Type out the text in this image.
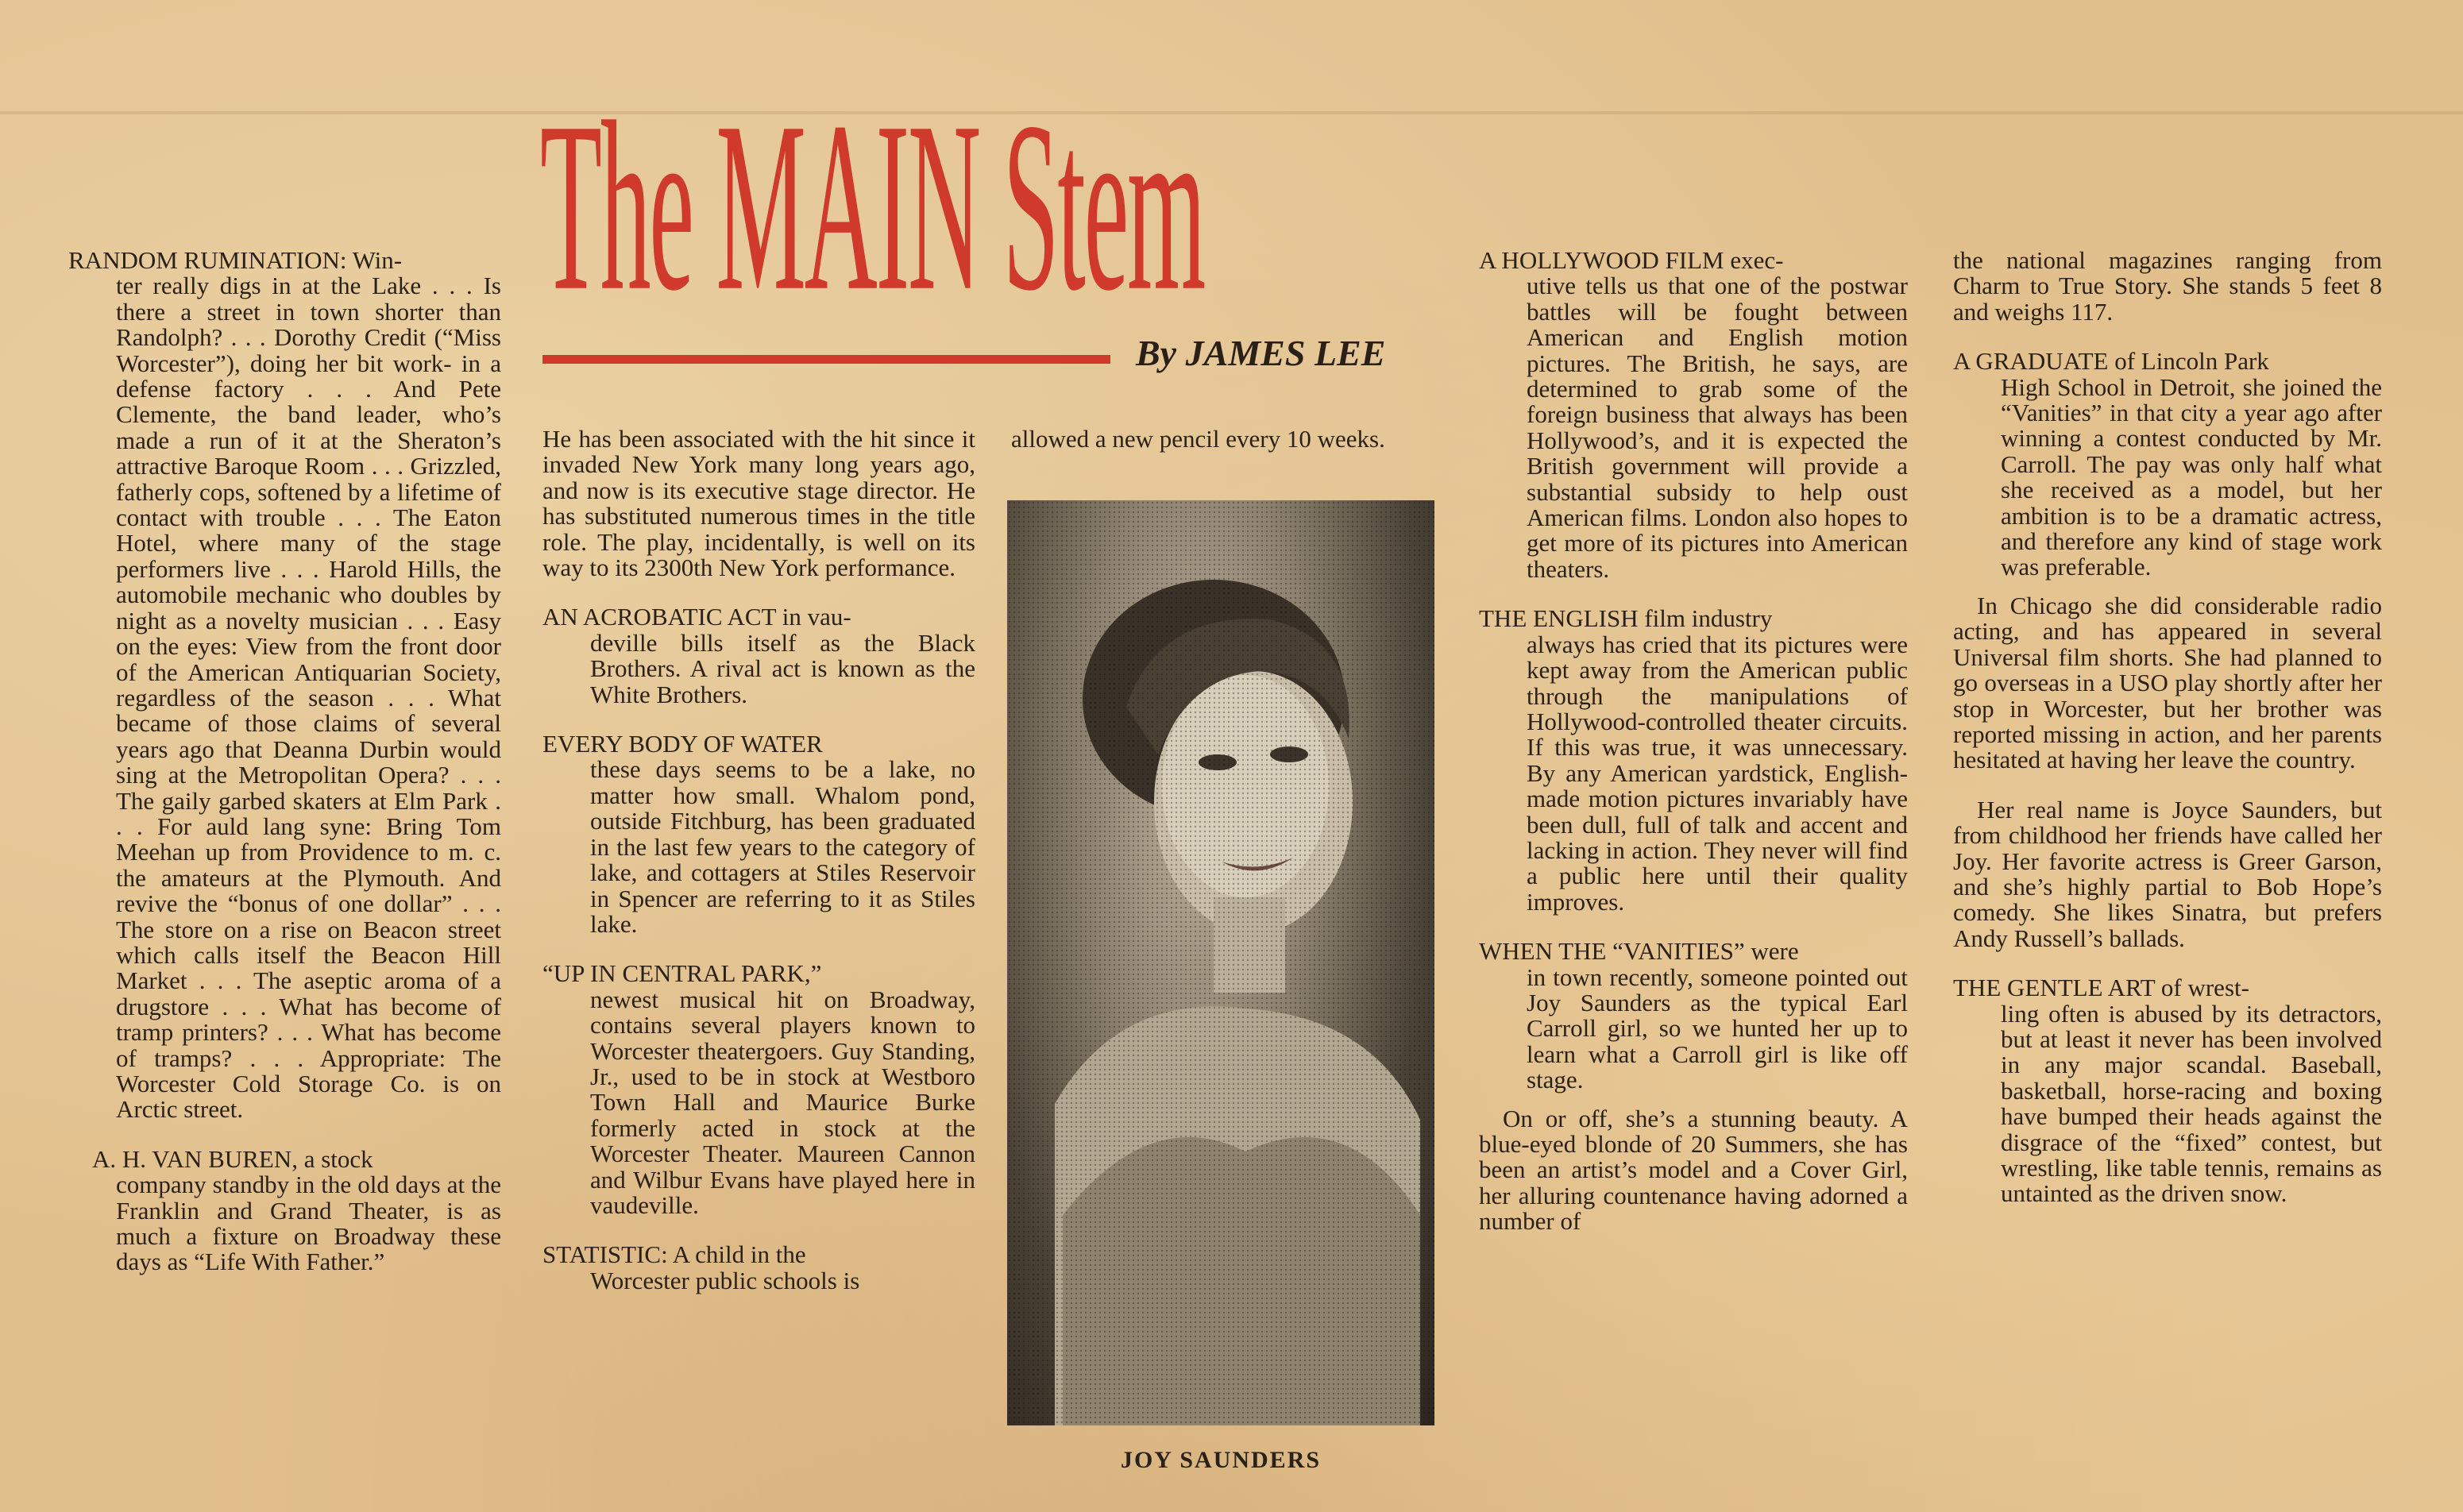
The MAIN Stem
By JAMES LEE

RANDOM RUMINATION: Win-

ter really digs in at the Lake . . . Is there a street in town shorter than Randolph? . . . Dorothy Credit (“Miss Worcester”), doing her bit work- in a defense factory . . . And Pete Clemente, the band leader, who’s made a run of it at the Sheraton’s attractive Baroque Room . . . Grizzled, fatherly cops, softened by a lifetime of contact with trouble . . . The Eaton Hotel, where many of the stage performers live . . . Harold Hills, the automobile mechanic who doubles by night as a novelty musician . . . Easy on the eyes: View from the front door of the American Antiquarian Society, regardless of the season . . . What became of those claims of several years ago that Deanna Durbin would sing at the Metropolitan Opera? . . . The gaily garbed skaters at Elm Park . . . For auld lang syne: Bring Tom Meehan up from Providence to m. c. the amateurs at the Plymouth. And revive the “bonus of one dollar” . . . The store on a rise on Beacon street which calls itself the Beacon Hill Market . . . The aseptic aroma of a drugstore . . . What has become of tramp printers? . . . What has become of tramps? . . . Appropriate: The Worcester Cold Storage Co. is on Arctic street.

A. H. VAN BUREN, a stock

company standby in the old days at the Franklin and Grand Theater, is as much a fixture on Broadway these days as “Life With Father.”

He has been associated with the hit since it invaded New York many long years ago, and now is its executive stage director. He has substituted numerous times in the title role. The play, incidentally, is well on its way to its 2300th New York performance.

AN ACROBATIC ACT in vau-

deville bills itself as the Black Brothers. A rival act is known as the White Brothers.

EVERY BODY OF WATER

these days seems to be a lake, no matter how small. Whalom pond, outside Fitchburg, has been graduated in the last few years to the category of lake, and cottagers at Stiles Reservoir in Spencer are referring to it as Stiles lake.

“UP IN CENTRAL PARK,”

newest musical hit on Broadway, contains several players known to Worcester theatergoers. Guy Standing, Jr., used to be in stock at Westboro Town Hall and Maurice Burke formerly acted in stock at the Worcester Theater. Maureen Cannon and Wilbur Evans have played here in vaudeville.

STATISTIC: A child in the

Worcester public schools is

allowed a new pencil every 10 weeks.

JOY SAUNDERS

A HOLLYWOOD FILM exec-

utive tells us that one of the postwar battles will be fought between American and English motion pictures. The British, he says, are determined to grab some of the foreign business that always has been Hollywood’s, and it is expected the British government will provide a substantial subsidy to help oust American films. London also hopes to get more of its pictures into American theaters.

THE ENGLISH film industry

always has cried that its pictures were kept away from the American public through the manipulations of Hollywood-controlled theater circuits. If this was true, it was unnecessary. By any American yardstick, English-made motion pictures invariably have been dull, full of talk and accent and lacking in action. They never will find a public here until their quality improves.

WHEN THE “VANITIES” were

in town recently, someone pointed out Joy Saunders as the typical Earl Carroll girl, so we hunted her up to learn what a Carroll girl is like off stage.

On or off, she’s a stunning beauty. A blue-eyed blonde of 20 Summers, she has been an artist’s model and a Cover Girl, her alluring countenance having adorned a number of

the national magazines ranging from Charm to True Story. She stands 5 feet 8 and weighs 117.

A GRADUATE of Lincoln Park

High School in Detroit, she joined the “Vanities” in that city a year ago after winning a contest conducted by Mr. Carroll. The pay was only half what she received as a model, but her ambition is to be a dramatic actress, and therefore any kind of stage work was preferable.

In Chicago she did considerable radio acting, and has appeared in several Universal film shorts. She had planned to go overseas in a USO play shortly after her stop in Worcester, but her brother was reported missing in action, and her parents hesitated at having her leave the country.

Her real name is Joyce Saunders, but from childhood her friends have called her Joy. Her favorite actress is Greer Garson, and she’s highly partial to Bob Hope’s comedy. She likes Sinatra, but prefers Andy Russell’s ballads.

THE GENTLE ART of wrest-

ling often is abused by its detractors, but at least it never has been involved in any major scandal. Baseball, basketball, horse-racing and boxing have bumped their heads against the disgrace of the “fixed” contest, but wrestling, like table tennis, remains as untainted as the driven snow.
